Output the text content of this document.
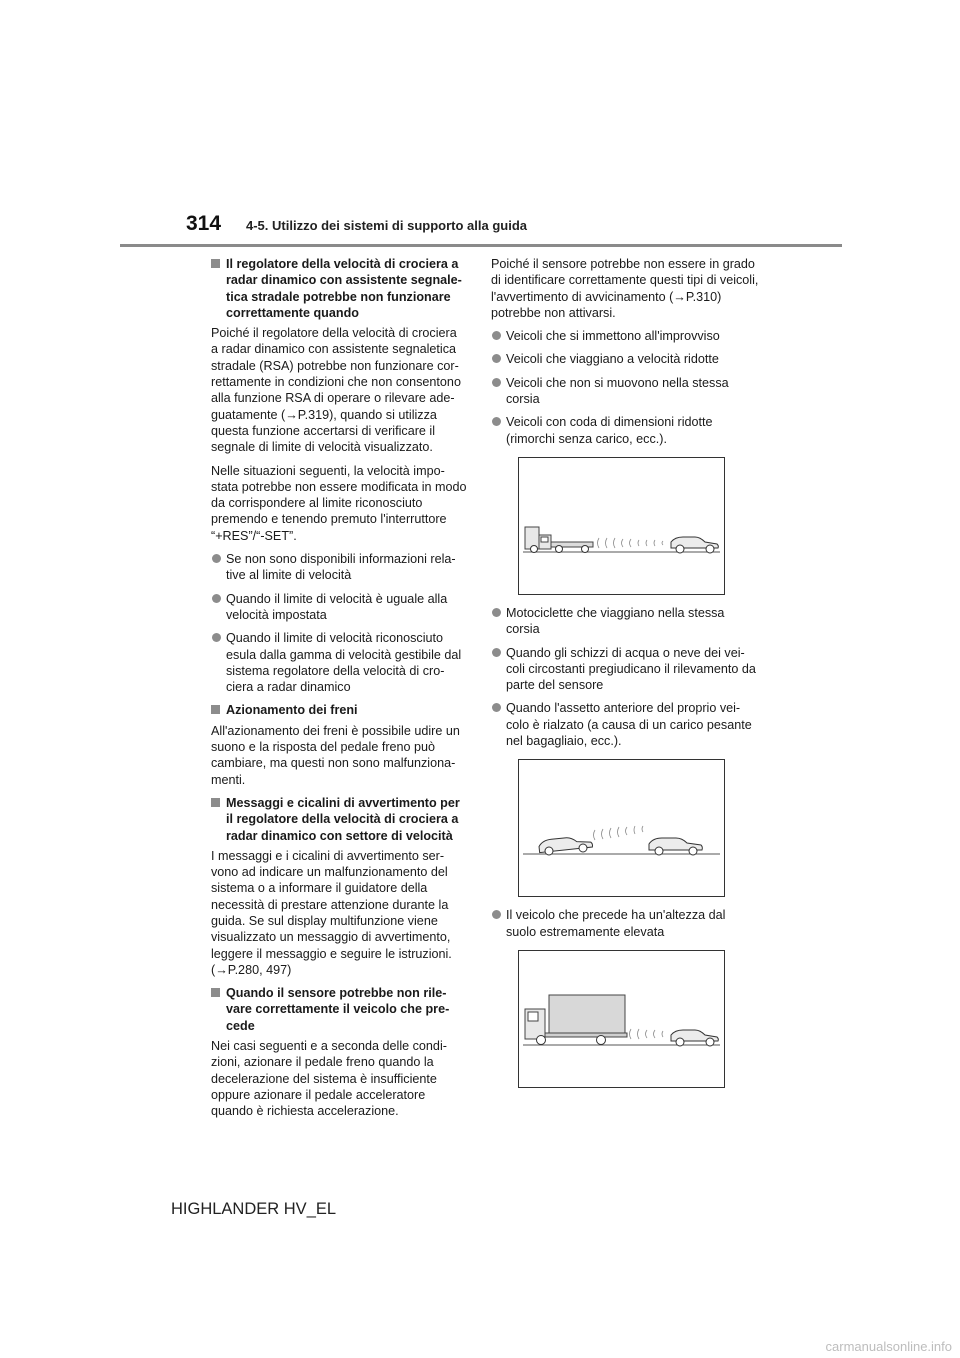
314 4-5. Utilizzo dei sistemi di supporto alla guida
Il regolatore della velocità di crociera a radar dinamico con assistente segnale-tica stradale potrebbe non funzionare correttamente quando

Poiché il regolatore della velocità di crociera a radar dinamico con assistente segnaletica stradale (RSA) potrebbe non funzionare cor-rettamente in condizioni che non consentono alla funzione RSA di operare o rilevare ade-guatamente (→P.319), quando si utilizza questa funzione accertarsi di verificare il segnale di limite di velocità visualizzato.

Nelle situazioni seguenti, la velocità impo-stata potrebbe non essere modificata in modo da corrispondere al limite riconosciuto premendo e tenendo premuto l'interruttore “+RES”/“-SET”.

Se non sono disponibili informazioni rela-tive al limite di velocità
Quando il limite di velocità è uguale alla velocità impostata
Quando il limite di velocità riconosciuto esula dalla gamma di velocità gestibile dal sistema regolatore della velocità di cro-ciera a radar dinamico
Azionamento dei freni

All'azionamento dei freni è possibile udire un suono e la risposta del pedale freno può cambiare, ma questi non sono malfunziona-menti.

Messaggi e cicalini di avvertimento per il regolatore della velocità di crociera a radar dinamico con settore di velocità

I messaggi e i cicalini di avvertimento ser-vono ad indicare un malfunzionamento del sistema o a informare il guidatore della necessità di prestare attenzione durante la guida. Se sul display multifunzione viene visualizzato un messaggio di avvertimento, leggere il messaggio e seguire le istruzioni. (→P.280, 497)

Quando il sensore potrebbe non rile-vare correttamente il veicolo che pre-cede

Nei casi seguenti e a seconda delle condi-zioni, azionare il pedale freno quando la decelerazione del sistema è insufficiente oppure azionare il pedale acceleratore quando è richiesta accelerazione.

Poiché il sensore potrebbe non essere in grado di identificare correttamente questi tipi di veicoli, l'avvertimento di avvicinamento (→P.310) potrebbe non attivarsi.

Veicoli che si immettono all'improvviso
Veicoli che viaggiano a velocità ridotte
Veicoli che non si muovono nella stessa corsia
Veicoli con coda di dimensioni ridotte (rimorchi senza carico, ecc.).
Motociclette che viaggiano nella stessa corsia
Quando gli schizzi di acqua o neve dei vei-coli circostanti pregiudicano il rilevamento da parte del sensore
Quando l'assetto anteriore del proprio vei-colo è rialzato (a causa di un carico pesante nel bagagliaio, ecc.).
Il veicolo che precede ha un'altezza dal suolo estremamente elevata
HIGHLANDER HV_EL
carmanualsonline.info
